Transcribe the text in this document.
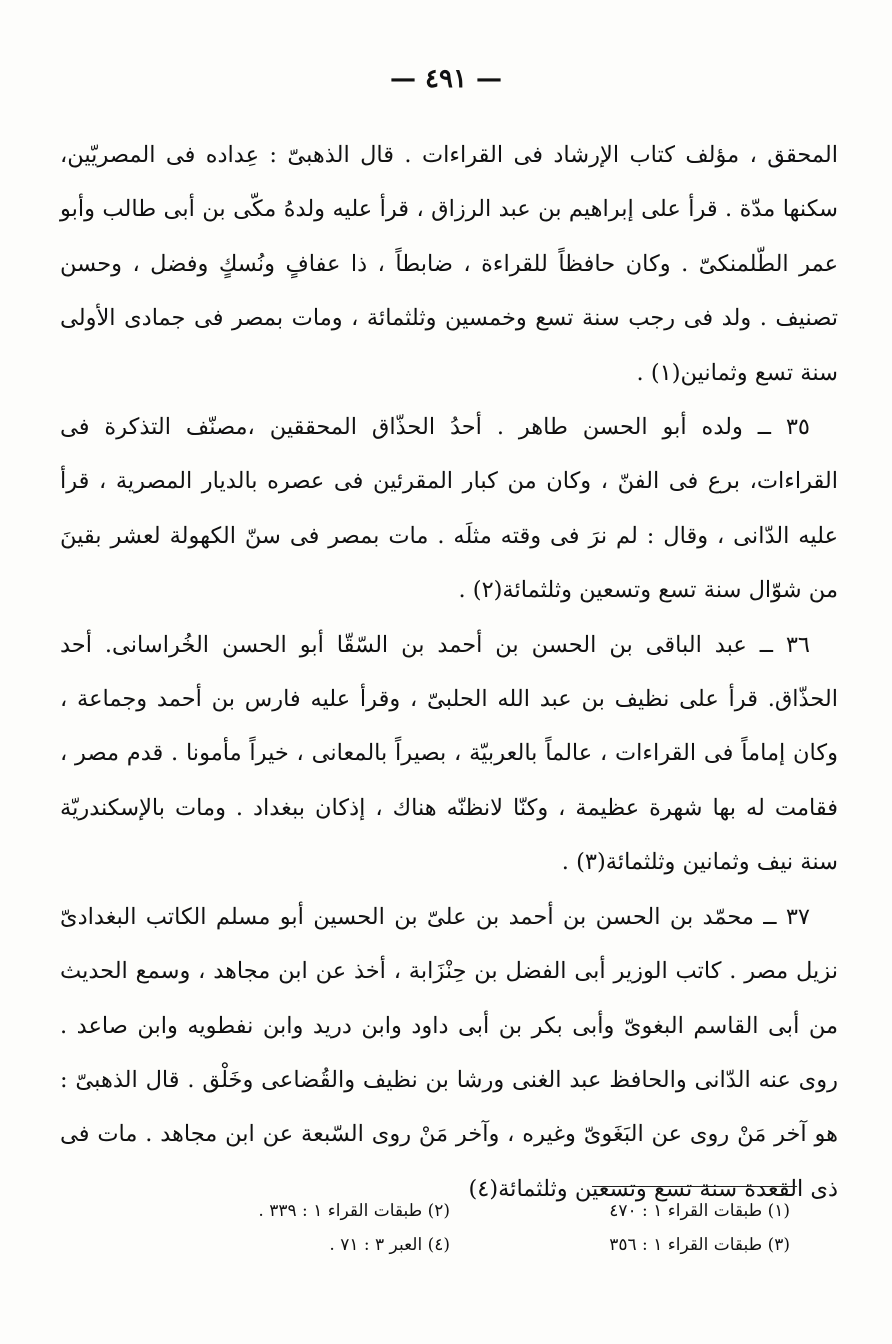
— ٤٩١ —

المحقق ، مؤلف كتاب الإرشاد فى القراءات . قال الذهبىّ : عِداده فى المصريّين، سكنها مدّة . قرأ على إبراهيم بن عبد الرزاق ، قرأ عليه ولدهُ مكّى بن أبى طالب وأبو عمر الطّلمنكىّ . وكان حافظاً للقراءة ، ضابطاً ، ذا عفافٍ ونُسكٍ وفضل ، وحسن تصنيف . ولد فى رجب سنة تسع وخمسين وثلثمائة ، ومات بمصر فى جمادى الأولى سنة تسع وثمانين(١) .

٣٥ ــ ولده أبو الحسن طاهر . أحدُ الحذّاق المحققين ،مصنّف التذكرة فى القراءات، برع فى الفنّ ، وكان من كبار المقرئين فى عصره بالديار المصرية ، قرأ عليه الدّانى ، وقال : لم نرَ فى وقته مثلَه . مات بمصر فى سنّ الكهولة لعشر بقينَ من شوّال سنة تسع وتسعين وثلثمائة(٢) .

٣٦ ــ عبد الباقى بن الحسن بن أحمد بن السّقّا أبو الحسن الخُراسانى. أحد الحذّاق. قرأ على نظيف بن عبد الله الحلبىّ ، وقرأ عليه فارس بن أحمد وجماعة ، وكان إماماً فى القراءات ، عالماً بالعربيّة ، بصيراً بالمعانى ، خيراً مأمونا . قدم مصر ، فقامت له بها شهرة عظيمة ، وكنّا لانظنّه هناك ، إذكان ببغداد . ومات بالإسكندريّة سنة نيف وثمانين وثلثمائة(٣) .

٣٧ ــ محمّد بن الحسن بن أحمد بن علىّ بن الحسين أبو مسلم الكاتب البغدادىّ نزيل مصر . كاتب الوزير أبى الفضل بن حِنْزَابة ، أخذ عن ابن مجاهد ، وسمع الحديث من أبى القاسم البغوىّ وأبى بكر بن أبى داود وابن دريد وابن نفطويه وابن صاعد . روى عنه الدّانى والحافظ عبد الغنى ورشا بن نظيف والقُضاعى وخَلْق . قال الذهبىّ : هو آخر مَنْ روى عن البَغَوىّ وغيره ، وآخر مَنْ روى السّبعة عن ابن مجاهد . مات فى ذى القعدة سنة تسع وتسعين وثلثمائة(٤)

(١) طبقات القراء ١ : ٤٧٠
(٢) طبقات القراء ١ : ٣٣٩ .
(٣) طبقات القراء ١ : ٣٥٦
(٤) العبر ٣ : ٧١ .
